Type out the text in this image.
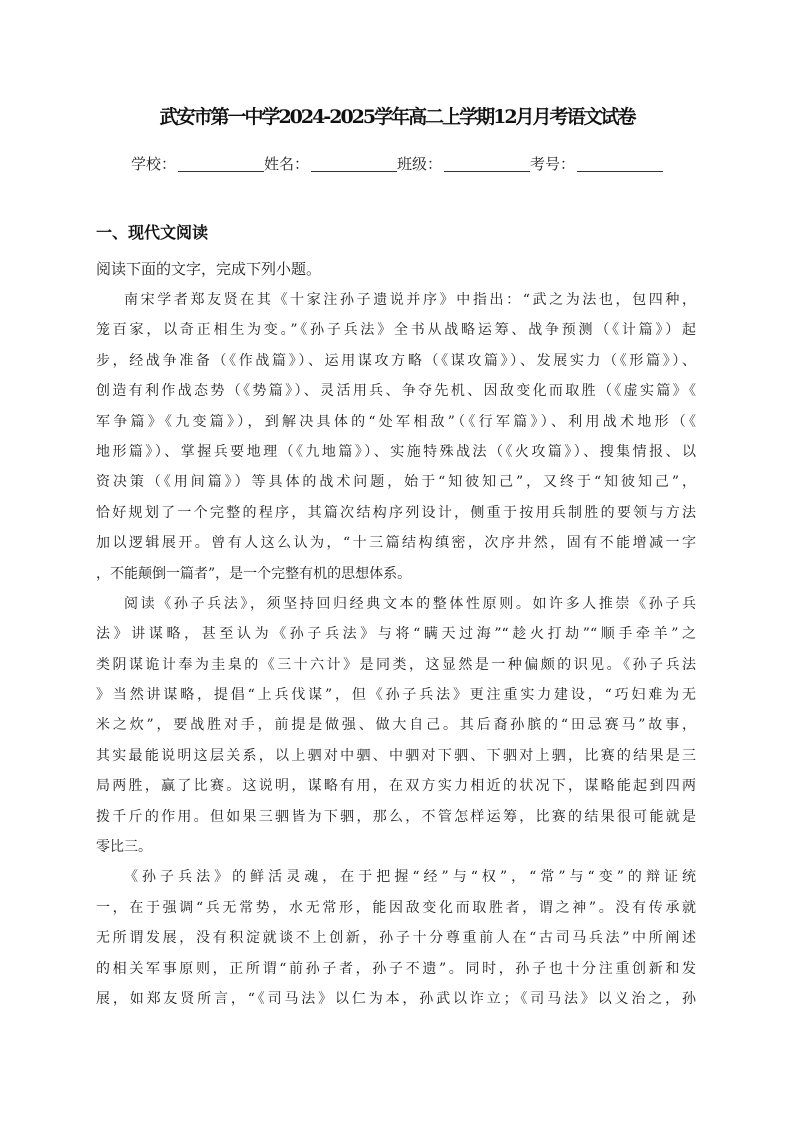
武安市第一中学2024-2025学年高二上学期12月月考语文试卷
学校：	姓名：	班级：	考号：
一、现代文阅读
阅读下面的文字，完成下列小题。
南宋学者郑友贤在其《十家注孙子遗说并序》中指出：“武之为法也，包四种，
笼百家，以奇正相生为变。”《孙子兵法》全书从战略运筹、战争预测（《计篇》）起
步，经战争准备（《作战篇》）、运用谋攻方略（《谋攻篇》）、发展实力（《形篇》）、
创造有利作战态势（《势篇》）、灵活用兵、争夺先机、因敌变化而取胜（《虚实篇》《
军争篇》《九变篇》），到解决具体的“处军相敌”（《行军篇》）、利用战术地形（《
地形篇》）、掌握兵要地理（《九地篇》）、实施特殊战法（《火攻篇》）、搜集情报、以
资决策（《用间篇》）等具体的战术问题，始于“知彼知己”，又终于“知彼知己”，
恰好规划了一个完整的程序，其篇次结构序列设计，侧重于按用兵制胜的要领与方法
加以逻辑展开。曾有人这么认为，“十三篇结构缜密，次序井然，固有不能增减一字
，不能颠倒一篇者”，是一个完整有机的思想体系。
阅读《孙子兵法》，须坚持回归经典文本的整体性原则。如许多人推崇《孙子兵
法》讲谋略，甚至认为《孙子兵法》与将“瞒天过海”“趁火打劫”“顺手牵羊”之
类阴谋诡计奉为圭臬的《三十六计》是同类，这显然是一种偏颇的识见。《孙子兵法
》当然讲谋略，提倡“上兵伐谋”，但《孙子兵法》更注重实力建设，“巧妇难为无
米之炊”，要战胜对手，前提是做强、做大自己。其后裔孙膑的“田忌赛马”故事，
其实最能说明这层关系，以上驷对中驷、中驷对下驷、下驷对上驷，比赛的结果是三
局两胜，赢了比赛。这说明，谋略有用，在双方实力相近的状况下，谋略能起到四两
拨千斤的作用。但如果三驷皆为下驷，那么，不管怎样运筹，比赛的结果很可能就是
零比三。
《孙子兵法》的鲜活灵魂，在于把握“经”与“权”，“常”与“变”的辩证统
一，在于强调“兵无常势，水无常形，能因敌变化而取胜者，谓之神”。没有传承就
无所谓发展，没有积淀就谈不上创新，孙子十分尊重前人在“古司马兵法”中所阐述
的相关军事原则，正所谓“前孙子者，孙子不遗”。同时，孙子也十分注重创新和发
展，如郑友贤所言，“《司马法》以仁为本，孙武以诈立；《司马法》以义治之，孙
